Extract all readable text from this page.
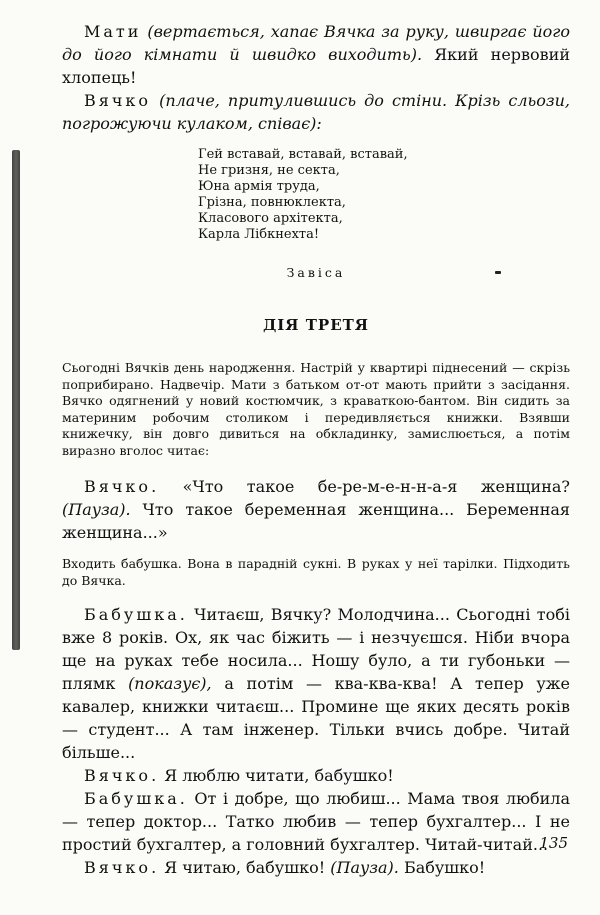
Мати (вертається, хапає Вячка за руку, швиргає його до його кімнати й швидко виходить). Який нервовий хлопець!

Вячко (плаче, притулившись до стіни. Крізь сльози, погрожуючи кулаком, співає):

Гей вставай, вставай, вставай,
Не гризня, не секта,
Юна армія труда,
Грізна, повнюклекта,
Класового архітекта,
Карла Лібкнехта!

Завіса

ДІЯ ТРЕТЯ

Сьогодні Вячків день народження. Настрій у квартирі піднесений — скрізь поприбирано. Надвечір. Мати з батьком от-от мають прийти з засідання. Вячко одягнений у новий костюмчик, з краваткою-бантом. Він сидить за материним робочим столиком і передивляється книжки. Взявши книжечку, він довго дивиться на обкладинку, замислюється, а потім виразно вголос читає:

Вячко. «Что такое бе-ре-м-е-н-н-а-я женщина? (Пауза). Что такое беременная женщина... Беременная женщина...»

Входить бабушка. Вона в парадній сукні. В руках у неї тарілки. Підходить до Вячка.

Бабушка. Читаєш, Вячку? Молодчина... Сьогодні тобі вже 8 років. Ох, як час біжить — і незчуєшся. Ніби вчора ще на руках тебе носила... Ношу було, а ти губоньки — плямк (показує), а потім — ква-ква-ква! А тепер уже кавалер, книжки читаєш... Промине ще яких десять років — студент... А там інженер. Тільки вчись добре. Читай більше...

Вячко. Я люблю читати, бабушко!

Бабушка. От і добре, що любиш... Мама твоя любила — тепер доктор... Татко любив — тепер бухгалтер... І не простий бухгалтер, а головний бухгалтер. Читай-читай...

Вячко. Я читаю, бабушко! (Пауза). Бабушко!

135
